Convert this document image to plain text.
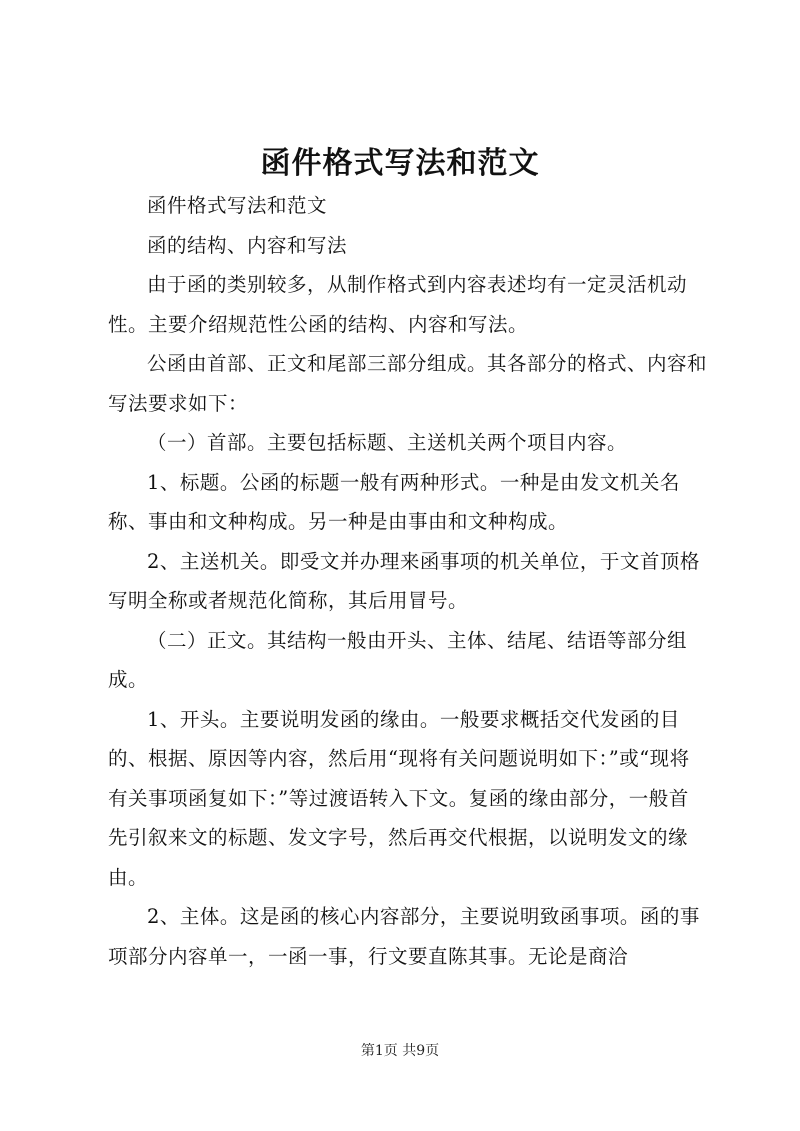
函件格式写法和范文

函件格式写法和范文

函的结构、内容和写法

由于函的类别较多，从制作格式到内容表述均有一定灵活机动性。主要介绍规范性公函的结构、内容和写法。

公函由首部、正文和尾部三部分组成。其各部分的格式、内容和写法要求如下：

（一）首部。主要包括标题、主送机关两个项目内容。

1、标题。公函的标题一般有两种形式。一种是由发文机关名称、事由和文种构成。另一种是由事由和文种构成。

2、主送机关。即受文并办理来函事项的机关单位，于文首顶格写明全称或者规范化简称，其后用冒号。

（二）正文。其结构一般由开头、主体、结尾、结语等部分组成。

1、开头。主要说明发函的缘由。一般要求概括交代发函的目的、根据、原因等内容，然后用“现将有关问题说明如下：”或“现将有关事项函复如下：”等过渡语转入下文。复函的缘由部分，一般首先引叙来文的标题、发文字号，然后再交代根据，以说明发文的缘由。

2、主体。这是函的核心内容部分，主要说明致函事项。函的事项部分内容单一，一函一事，行文要直陈其事。无论是商洽

第1页 共9页
